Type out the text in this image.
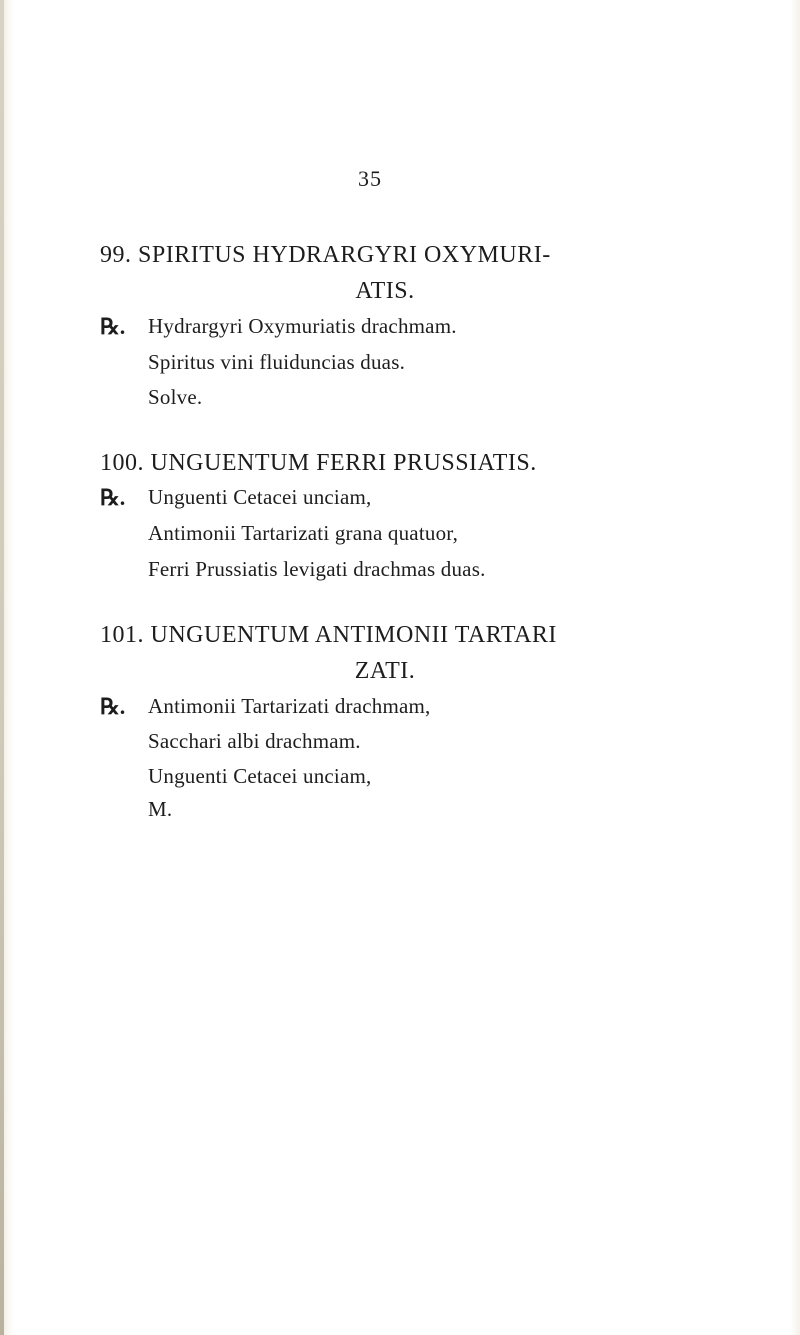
35
99. SPIRITUS HYDRARGYRI OXYMURI-
ATIS.
℞. Hydrargyri Oxymuriatis drachmam.
Spiritus vini fluiduncias duas.
Solve.
100. UNGUENTUM FERRI PRUSSIATIS.
℞. Unguenti Cetacei unciam,
Antimonii Tartarizati grana quatuor,
Ferri Prussiatis levigati drachmas duas.
101. UNGUENTUM ANTIMONII TARTARI
ZATI.
℞. Antimonii Tartarizati drachmam,
Sacchari albi drachmam.
Unguenti Cetacei unciam,
M.
